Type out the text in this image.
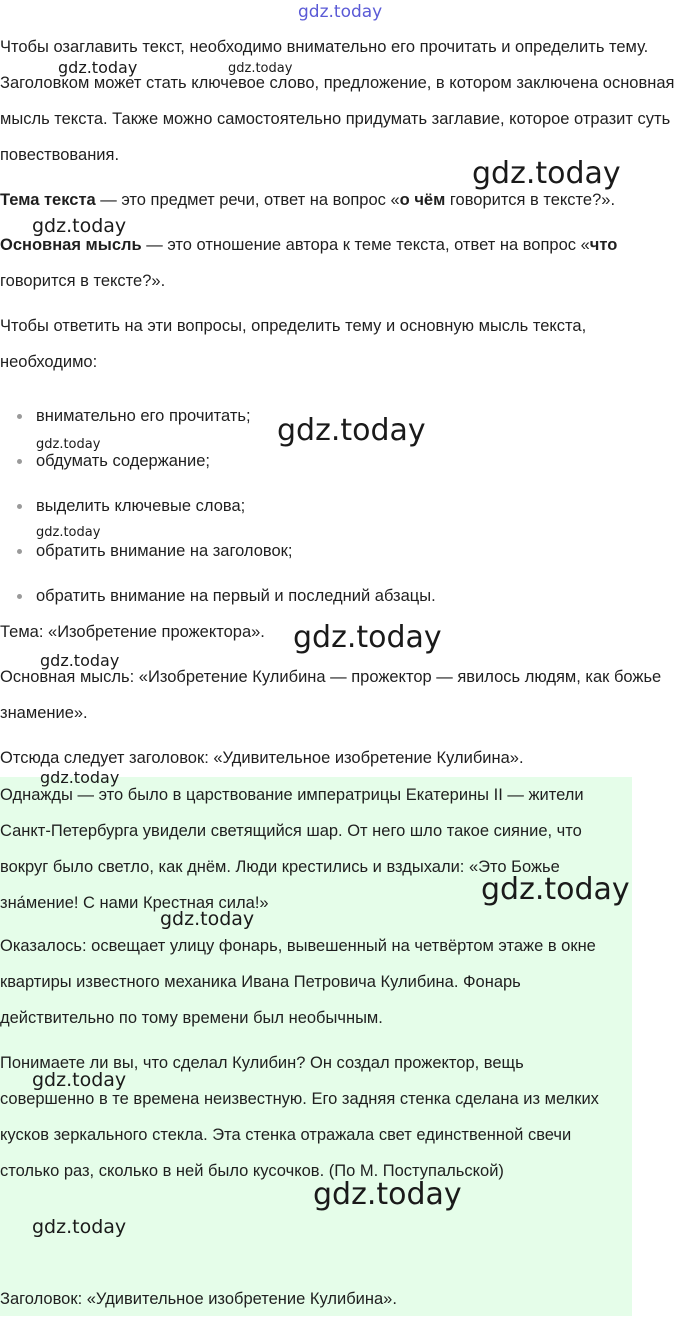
Чтобы озаглавить текст, необходимо внимательно его прочитать и определить тему. Заголовком может стать ключевое слово, предложение, в котором заключена основная мысль текста. Также можно самостоятельно придумать заглавие, которое отразит суть повествования.

Тема текста — это предмет речи, ответ на вопрос «о чём говорится в тексте?».

Основная мысль — это отношение автора к теме текста, ответ на вопрос «что говорится в тексте?».

Чтобы ответить на эти вопросы, определить тему и основную мысль текста, необходимо:

внимательно его прочитать;
обдумать содержание;
выделить ключевые слова;
обратить внимание на заголовок;
обратить внимание на первый и последний абзацы.

Тема: «Изобретение прожектора».

Основная мысль: «Изобретение Кулибина — прожектор — явилось людям, как божье знамение».

Отсюда следует заголовок: «Удивительное изобретение Кулибина».

Однажды — это было в царствование императрицы Екатерины II — жители Санкт-Петербурга увидели светящийся шар. От него шло такое сияние, что вокруг было светло, как днём. Люди крестились и вздыхали: «Это Божье зна́мение! С нами Крестная сила!»

Оказалось: освещает улицу фонарь, вывешенный на четвёртом этаже в окне квартиры известного механика Ивана Петровича Кулибина. Фонарь действительно по тому времени был необычным.

Понимаете ли вы, что сделал Кулибин? Он создал прожектор, вещь совершенно в те времена неизвестную. Его задняя стенка сделана из мелких кусков зеркального стекла. Эта стенка отражала свет единственной свечи столько раз, сколько в ней было кусочков. (По М. Поступальской)

Заголовок: «Удивительное изобретение Кулибина».

gdz.today
gdz.today	gdz.today
gdz.today
gdz.today
gdz.today
gdz.today
gdz.today
gdz.today
gdz.today
gdz.today
gdz.today
gdz.today
gdz.today
gdz.today
gdz.today
